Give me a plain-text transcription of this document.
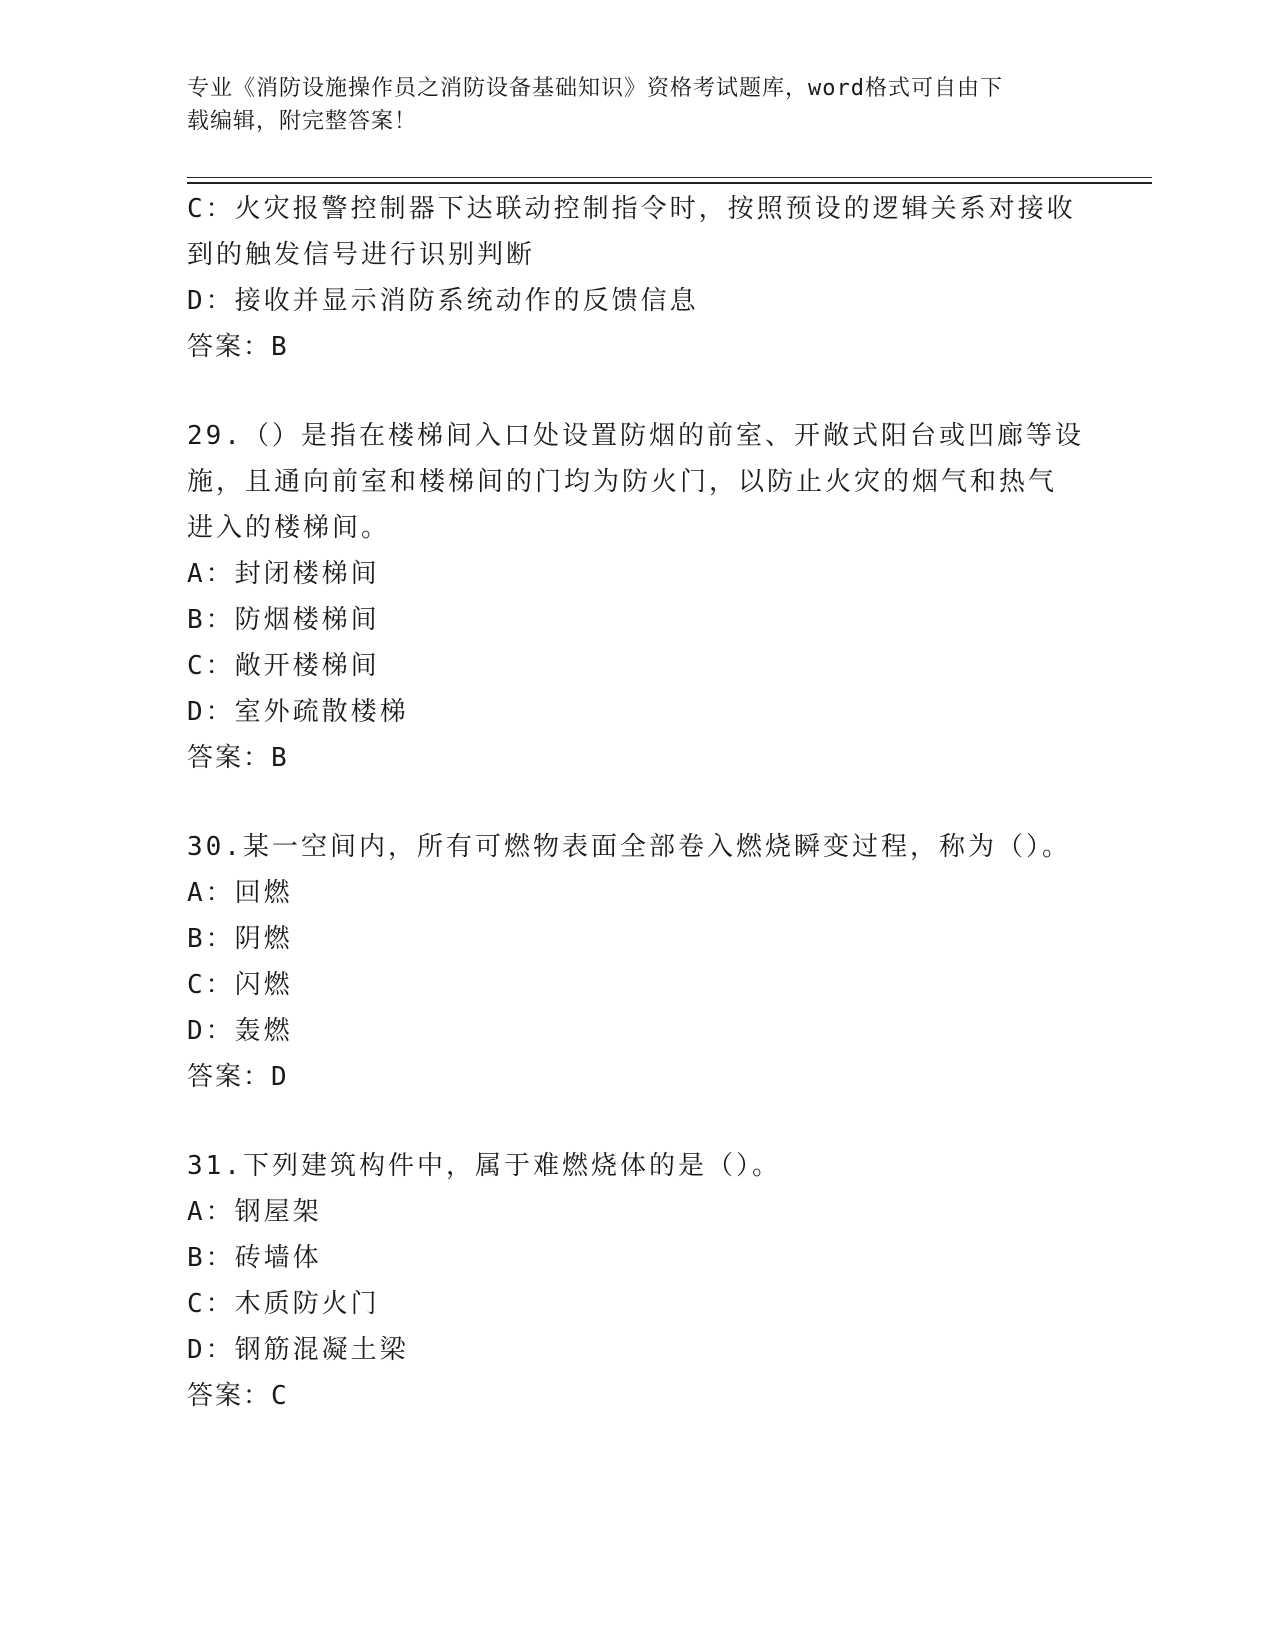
专业《消防设施操作员之消防设备基础知识》资格考试题库，word格式可自由下
载编辑，附完整答案！
C：火灾报警控制器下达联动控制指令时，按照预设的逻辑关系对接收
到的触发信号进行识别判断
D：接收并显示消防系统动作的反馈信息
答案：B
29.（）是指在楼梯间入口处设置防烟的前室、开敞式阳台或凹廊等设
施，且通向前室和楼梯间的门均为防火门，以防止火灾的烟气和热气
进入的楼梯间。
A：封闭楼梯间
B：防烟楼梯间
C：敞开楼梯间
D：室外疏散楼梯
答案：B
30.某一空间内，所有可燃物表面全部卷入燃烧瞬变过程，称为（）。
A：回燃
B：阴燃
C：闪燃
D：轰燃
答案：D
31.下列建筑构件中，属于难燃烧体的是（）。
A：钢屋架
B：砖墙体
C：木质防火门
D：钢筋混凝土梁
答案：C
